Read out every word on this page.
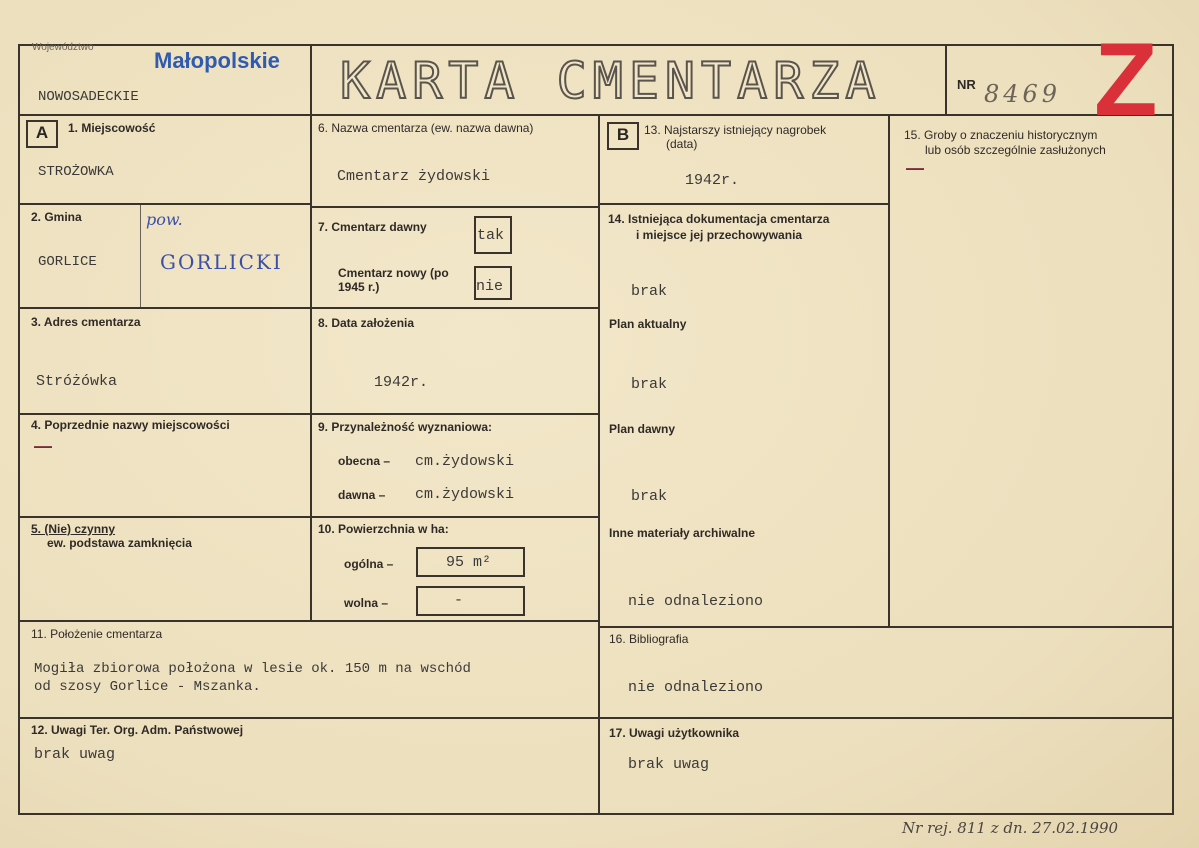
Województwo
Małopolskie
NOWOSADECKIE	KARTA CMENTARZA	NR 8469 Z
A	1. Miejscowość
STROŻOWKA
2. Gmina	pow.
GORLICE	GORLICKI
3. Adres cmentarza
Stróżówka
4. Poprzednie nazwy miejscowości
—
5. (Nie) czynny
ew. podstawa zamknięcia
6. Nazwa cmentarza (ew. nazwa dawna)
Cmentarz żydowski
7. Cmentarz dawny	tak
Cmentarz nowy (po 1945 r.)	nie
8. Data założenia
1942r.
9. Przynależność wyznaniowa:
obecna – cm.żydowski
dawna – cm.żydowski
10. Powierzchnia w ha:
ogólna –	95 m²
wolna –	-
B	13. Najstarszy istniejący nagrobek
(data)
1942r.
14. Istniejąca dokumentacja cmentarza
i miejsce jej przechowywania
brak
Plan aktualny
brak
Plan dawny
brak
Inne materiały archiwalne
nie odnaleziono
15. Groby o znaczeniu historycznym
lub osób szczególnie zasłużonych
—
11. Położenie cmentarza
Mogiła zbiorowa położona w lesie ok. 150 m na wschód
od szosy Gorlice - Mszanka.
16. Bibliografia
nie odnaleziono
12. Uwagi Ter. Org. Adm. Państwowej
brak uwag
17. Uwagi użytkownika
brak uwag
Nr rej. 811 z dn. 27.02.1990
